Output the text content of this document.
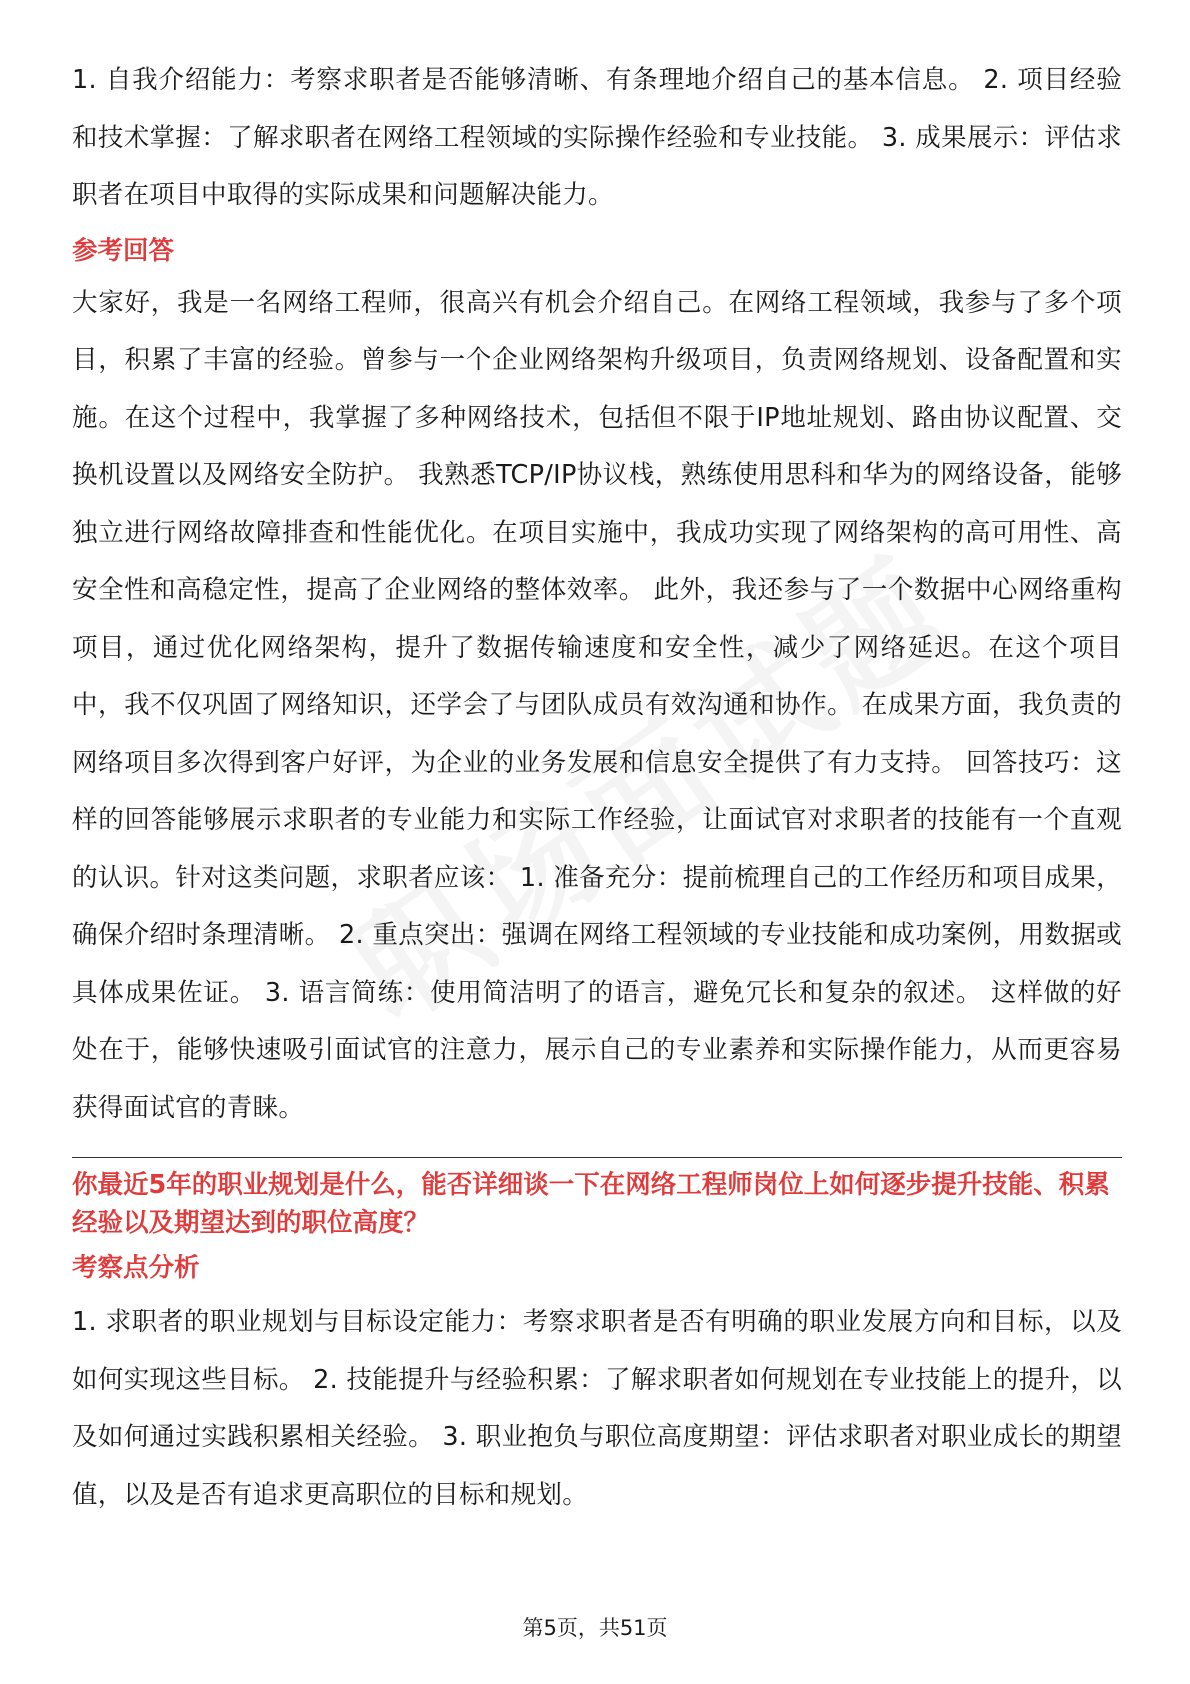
1. 自我介绍能力：考察求职者是否能够清晰、有条理地介绍自己的基本信息。 2. 项目经验和技术掌握：了解求职者在网络工程领域的实际操作经验和专业技能。 3. 成果展示：评估求职者在项目中取得的实际成果和问题解决能力。

参考回答

大家好，我是一名网络工程师，很高兴有机会介绍自己。在网络工程领域，我参与了多个项目，积累了丰富的经验。曾参与一个企业网络架构升级项目，负责网络规划、设备配置和实施。在这个过程中，我掌握了多种网络技术，包括但不限于IP地址规划、路由协议配置、交换机设置以及网络安全防护。 我熟悉TCP/IP协议栈，熟练使用思科和华为的网络设备，能够独立进行网络故障排查和性能优化。在项目实施中，我成功实现了网络架构的高可用性、高安全性和高稳定性，提高了企业网络的整体效率。 此外，我还参与了一个数据中心网络重构项目，通过优化网络架构，提升了数据传输速度和安全性，减少了网络延迟。在这个项目中，我不仅巩固了网络知识，还学会了与团队成员有效沟通和协作。 在成果方面，我负责的网络项目多次得到客户好评，为企业的业务发展和信息安全提供了有力支持。 回答技巧：这样的回答能够展示求职者的专业能力和实际工作经验，让面试官对求职者的技能有一个直观的认识。针对这类问题，求职者应该： 1. 准备充分：提前梳理自己的工作经历和项目成果，确保介绍时条理清晰。 2. 重点突出：强调在网络工程领域的专业技能和成功案例，用数据或具体成果佐证。 3. 语言简练：使用简洁明了的语言，避免冗长和复杂的叙述。 这样做的好处在于，能够快速吸引面试官的注意力，展示自己的专业素养和实际操作能力，从而更容易获得面试官的青睐。

你最近5年的职业规划是什么，能否详细谈一下在网络工程师岗位上如何逐步提升技能、积累经验以及期望达到的职位高度？

考察点分析

1. 求职者的职业规划与目标设定能力：考察求职者是否有明确的职业发展方向和目标，以及如何实现这些目标。 2. 技能提升与经验积累：了解求职者如何规划在专业技能上的提升，以及如何通过实践积累相关经验。 3. 职业抱负与职位高度期望：评估求职者对职业成长的期望值，以及是否有追求更高职位的目标和规划。

第5页，共51页
